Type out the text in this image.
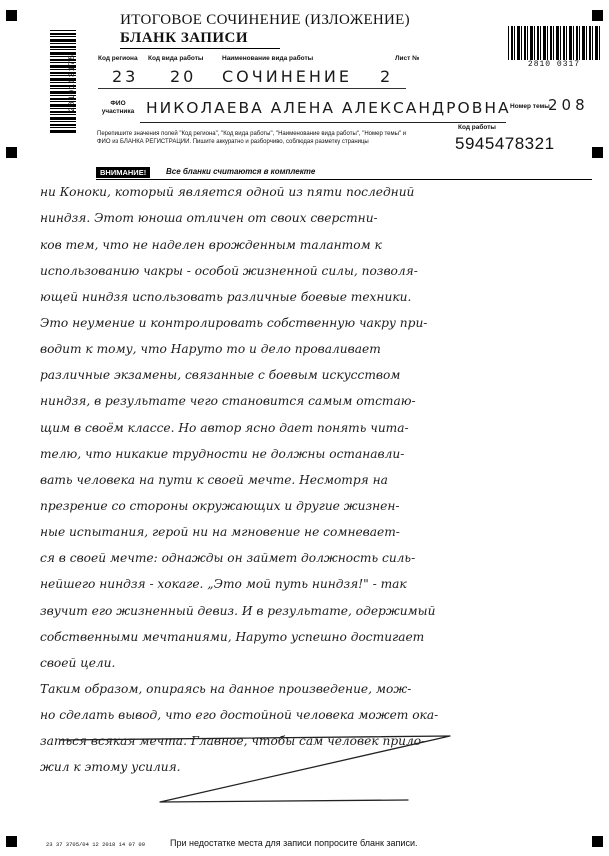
2810103175	2810 0317
ИТОГОВОЕ СОЧИНЕНИЕ (ИЗЛОЖЕНИЕ)
БЛАНК ЗАПИСИ
Код региона Код вида работы	Наименование вида работы	Лист №
23 20 СОЧИНЕНИЕ 2
ФИО участника НИКОЛАЕВА АЛЕНА АЛЕКСАНДРОВНА Номер темы
208
Перепишите значения полей "Код региона", "Код вида работы", "Наименование вида работы", "Номер темы" и ФИО из БЛАНКА РЕГИСТРАЦИИ. Пишите аккуратно и разборчиво, соблюдая разметку страницы
Код работы
5945478321
ВНИМАНИЕ!	Все бланки считаются в комплекте
ни Коноки, который является одной из пяти последний
ниндзя. Этот юноша отличен от своих сверстни-
ков тем, что не наделен врожденным талантом к
использованию чакры - особой жизненной силы, позволя-
ющей ниндзя использовать различные боевые техники.
Это неумение и контролировать собственную чакру при-
водит к тому, что Наруто то и дело проваливает
различные экзамены, связанные с боевым искусством
ниндзя, в результате чего становится самым отстаю-
щим в своём классе. Но автор ясно дает понять чита-
телю, что никакие трудности не должны останавли-
вать человека на пути к своей мечте. Несмотря на
презрение со стороны окружающих и другие жизнен-
ные испытания, герой ни на мгновение не сомневает-
ся в своей мечте: однажды он займет должность силь-
нейшего ниндзя - хокаге. „Это мой путь ниндзя!" - так
звучит его жизненный девиз. И в результате, одержимый
собственными мечтаниями, Наруто успешно достигает
своей цели.
Таким образом, опираясь на данное произведение, мож-
но сделать вывод, что его достойной человека может ока-
заться всякая мечта. Главное, чтобы сам человек прило-
жил к этому усилия.
23 37 3705/04 12 2018 14 07 09	При недостатке места для записи попросите бланк записи.
